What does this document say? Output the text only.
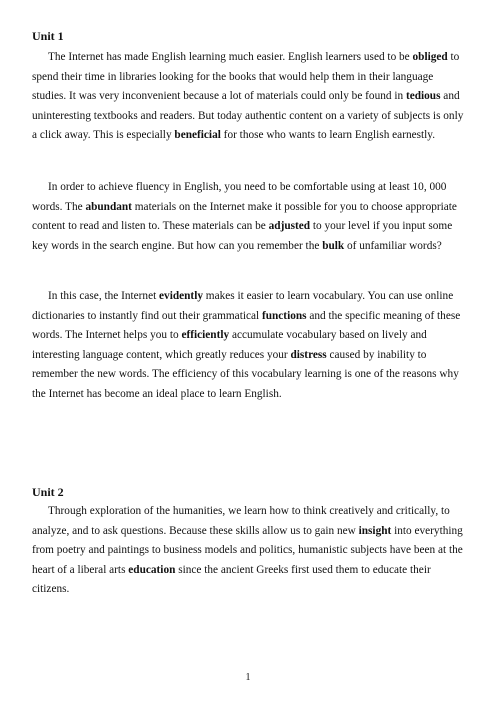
Unit 1

The Internet has made English learning much easier. English learners used to be obliged to spend their time in libraries looking for the books that would help them in their language studies. It was very inconvenient because a lot of materials could only be found in tedious and uninteresting textbooks and readers. But today authentic content on a variety of subjects is only a click away. This is especially beneficial for those who wants to learn English earnestly.

In order to achieve fluency in English, you need to be comfortable using at least 10, 000 words. The abundant materials on the Internet make it possible for you to choose appropriate content to read and listen to. These materials can be adjusted to your level if you input some key words in the search engine. But how can you remember the bulk of unfamiliar words?

In this case, the Internet evidently makes it easier to learn vocabulary. You can use online dictionaries to instantly find out their grammatical functions and the specific meaning of these words. The Internet helps you to efficiently accumulate vocabulary based on lively and interesting language content, which greatly reduces your distress caused by inability to remember the new words. The efficiency of this vocabulary learning is one of the reasons why the Internet has become an ideal place to learn English.

Unit 2

Through exploration of the humanities, we learn how to think creatively and critically, to analyze, and to ask questions. Because these skills allow us to gain new insight into everything from poetry and paintings to business models and politics, humanistic subjects have been at the heart of a liberal arts education since the ancient Greeks first used them to educate their citizens.

1
